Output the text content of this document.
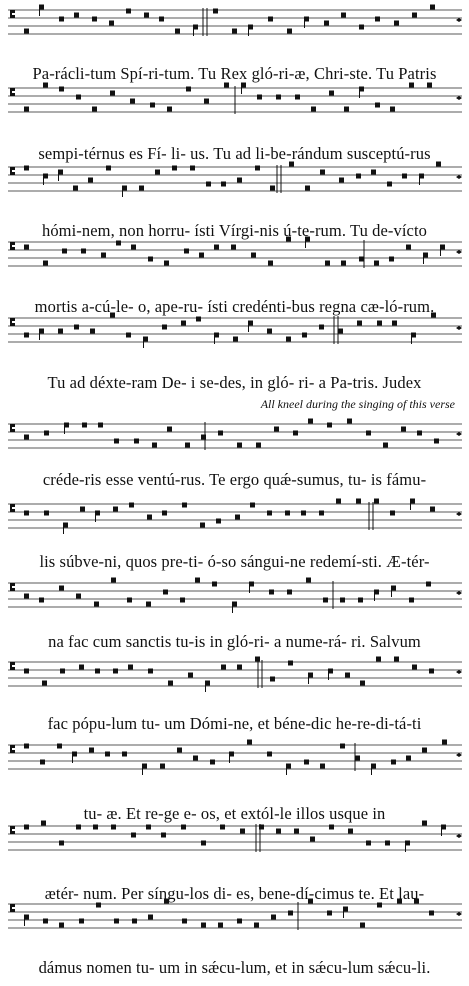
Pa-rácli-tum Spí-ri-tum. Tu Rex gló-ri-æ, Chri-ste. Tu Patris
sempi-térnus es Fí- li- us. Tu ad li-be-rándum susceptú-rus
hómi-nem, non horru- ísti Vírgi-nis ú-te-rum. Tu de-vícto
mortis a-cú-le- o, ape-ru- ísti credénti-bus regna cæ-ló-rum.
Tu ad déxte-ram De- i se-des, in gló- ri- a Pa-tris. Judex
All kneel during the singing of this verse
créde-ris esse ventú-rus. Te ergo quǽ-sumus, tu- is fámu-
lis súbve-ni, quos pre-ti- ó-so sángui-ne redemí-sti. Æ-tér-
na fac cum sanctis tu-is in gló-ri- a nume-rá- ri. Salvum
fac pópu-lum tu- um Dómi-ne, et béne-dic he-re-di-tá-ti
tu- æ. Et re-ge e- os, et extól-le illos usque in
ætér- num. Per síngu-los di- es, bene-dí-cimus te. Et lau-
dámus nomen tu- um in sǽcu-lum, et in sǽcu-lum sǽcu-li.
